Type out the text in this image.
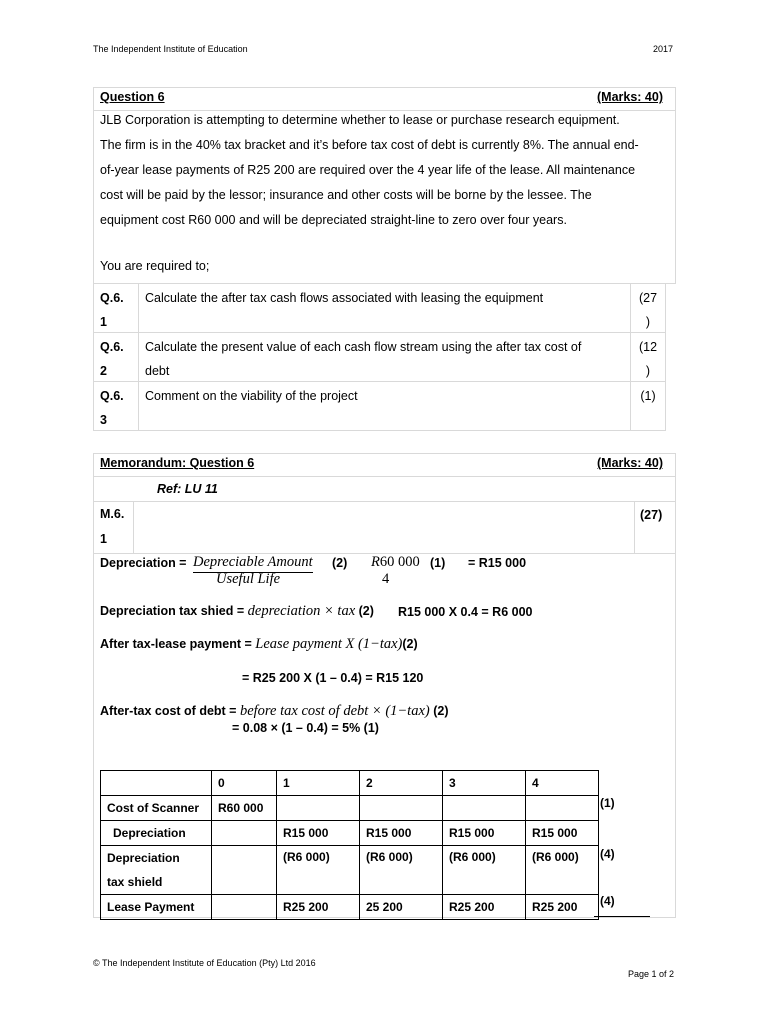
The Independent Institute of Education	2017
Question 6	(Marks: 40)
JLB Corporation is attempting to determine whether to lease or purchase research equipment.
The firm is in the 40% tax bracket and it’s before tax cost of debt is currently 8%. The annual end-
of-year lease payments of R25 200 are required over the 4 year life of the lease. All maintenance
cost will be paid by the lessor; insurance and other costs will be borne by the lessee. The
equipment cost R60 000 and will be depreciated straight-line to zero over four years.
You are required to;
Q.6.
1
Calculate the after tax cash flows associated with leasing the equipment	(27
)
Q.6.
2
Calculate the present value of each cash flow stream using the after tax cost of
debt
(12
)
Q.6.
3
Comment on the viability of the project	(1)
Memorandum: Question 6	(Marks: 40)
Ref: LU 11
M.6.
1
(27)
Depreciation = Depreciable Amount (2) R60 000 (1) = R15 000
Useful Life	4
Depreciation tax shied = depreciation × tax (2) R15 000 X 0.4 = R6 000
After tax-lease payment = Lease payment X (1−tax)(2)
= R25 200 X (1 – 0.4) = R15 120
After-tax cost of debt = before tax cost of debt × (1−tax) (2)
= 0.08 × (1 – 0.4) = 5% (1)
	0	1	2	3	4
Cost of Scanner	R60 000				
Depreciation		R15 000	R15 000	R15 000	R15 000

Depreciation
tax shield		(R6 000)	(R6 000)	(R6 000)	(R6 000)
Lease Payment		R25 200	25 200	R25 200	R25 200
(1)
(4)
(4)
© The Independent Institute of Education (Pty) Ltd 2016
Page 1 of 2
